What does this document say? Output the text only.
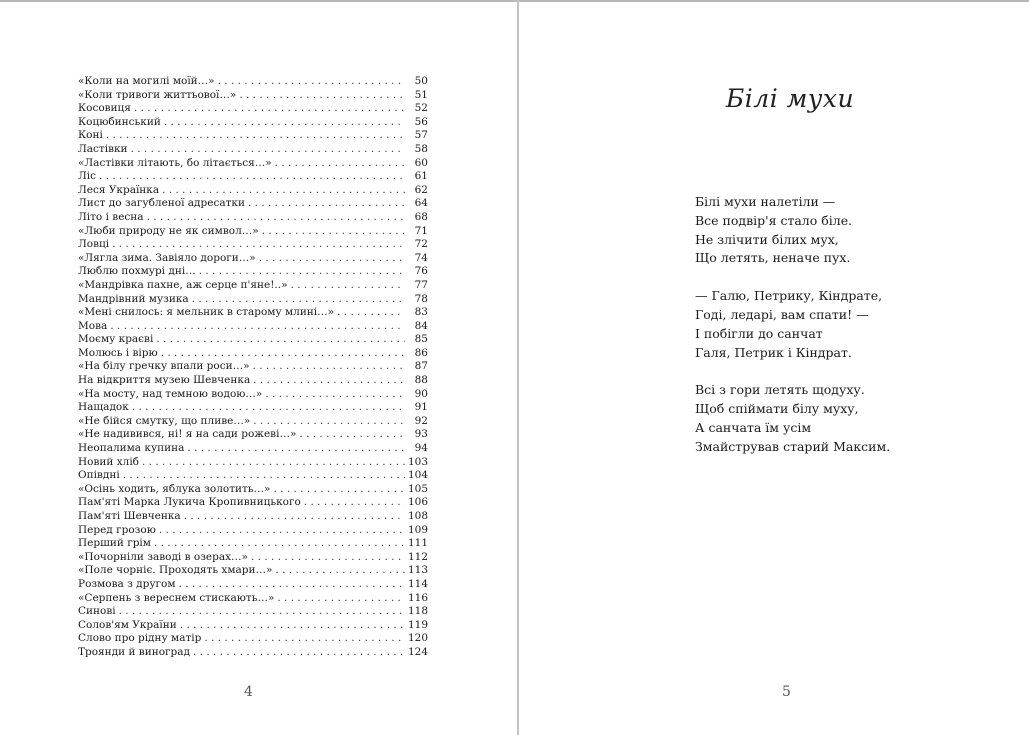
«Коли на могилі моїй…» . . .	50
«Коли тривоги життьової…» . . .	51
Косовиця . . .	52
Коцюбинський . . .	56
Коні . . .	57
Ластівки . . .	58
«Ластівки літають, бо літається…» . . .	60
Ліс . . .	61
Леся Українка . . .	62
Лист до загубленої адресатки . . .	64
Літо і весна . . .	68
«Люби природу не як символ…» . . .	71
Ловці . . .	72
«Лягла зима. Завіяло дороги…» . . .	74
Люблю похмурі дні… . . .	76
«Мандрівка пахне, аж серце п'яне!..» . . .	77
Мандрівний музика . . .	78
«Мені снилось: я мельник в старому млині…» . . .	83
Мова . . .	84
Моєму краєві . . .	85
Молюсь і вірю . . .	86
«На білу гречку впали роси…» . . .	87
На відкриття музею Шевченка . . .	88
«На мосту, над темною водою…» . . .	90
Нащадок . . .	91
«Не бійся смутку, що пливе…» . . .	92
«Не надивився, ні! я на сади рожеві…» . . .	93
Неопалима купина . . .	94
Новий хліб . . .	103
Опівдні . . .	104
«Осінь ходить, яблука золотить…» . . .	105
Пам'яті Марка Лукича Кропивницького . . .	106
Пам'яті Шевченка . . .	108
Перед грозою . . .	109
Перший грім . . .	111
«Почорніли заводі в озерах…» . . .	112
«Поле чорніє. Проходять хмари…» . . .	113
Розмова з другом . . .	114
«Серпень з вереснем стискають…» . . .	116
Синові . . .	118
Солов'ям України . . .	119
Слово про рідну матір . . .	120
Троянди й виноград . . .	124
4	5
Білі мухи
Білі мухи налетіли —
Все подвір'я стало біле.
Не злічити білих мух,
Що летять, неначе пух.
— Галю, Петрику, Кіндрате,
Годі, ледарі, вам спати! —
І побігли до санчат
Галя, Петрик і Кіндрат.
Всі з гори летять щодуху.
Щоб спіймати білу муху,
А санчата їм усім
Змайстрував старий Максим.
